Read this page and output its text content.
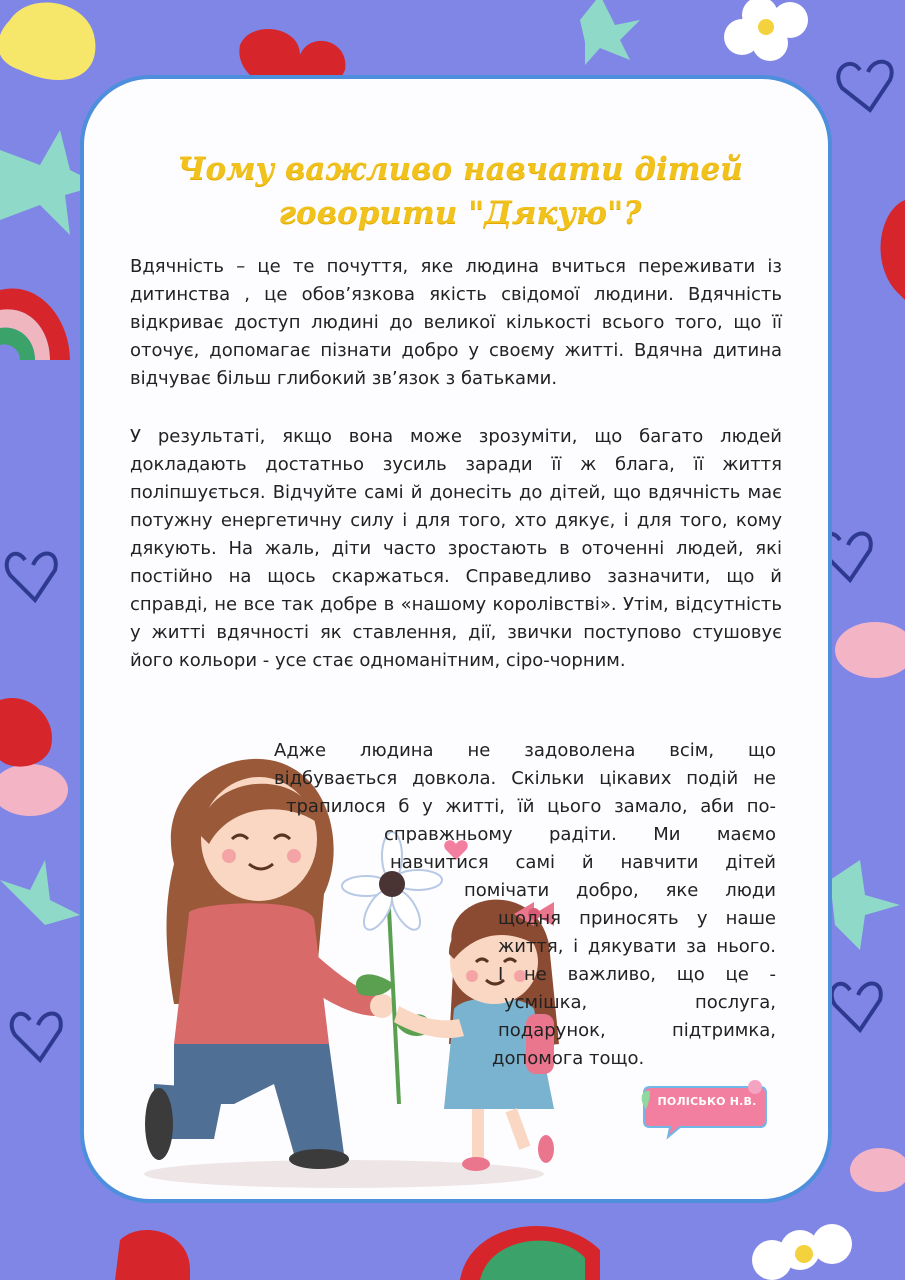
Чому важливо навчати дітей
говорити "Дякую"?

Вдячність – це те почуття, яке людина вчиться переживати із дитинства , це обов’язкова якість свідомої людини. Вдячність відкриває доступ людині до великої кількості всього того, що її оточує, допомагає пізнати добро у своєму житті. Вдячна дитина відчуває більш глибокий зв’язок з батьками.

У результаті, якщо вона може зрозуміти, що багато людей докладають достатньо зусиль заради її ж блага, її життя поліпшується. Відчуйте самі й донесіть до дітей, що вдячність має потужну енергетичну силу і для того, хто дякує, і для того, кому дякують. На жаль, діти часто зростають в оточенні людей, які постійно на щось скаржаться. Справедливо зазначити, що й справді, не все так добре в «нашому королівстві». Утім, відсутність у житті вдячності як ставлення, дії, звички поступово стушовує його кольори - усе стає одноманітним, сіро-чорним.

Адже людина не задоволена всім, що
відбувається довкола. Скільки цікавих подій не
трапилося б у житті, їй цього замало, аби по-
справжньому радіти. Ми маємо
навчитися самі й навчити дітей
помічати добро, яке люди
щодня приносять у наше
життя, і дякувати за нього.
І не важливо, що це -
усмішка, послуга,
подарунок, підтримка,
допомога тощо.

ПОЛІСЬКО Н.В.
